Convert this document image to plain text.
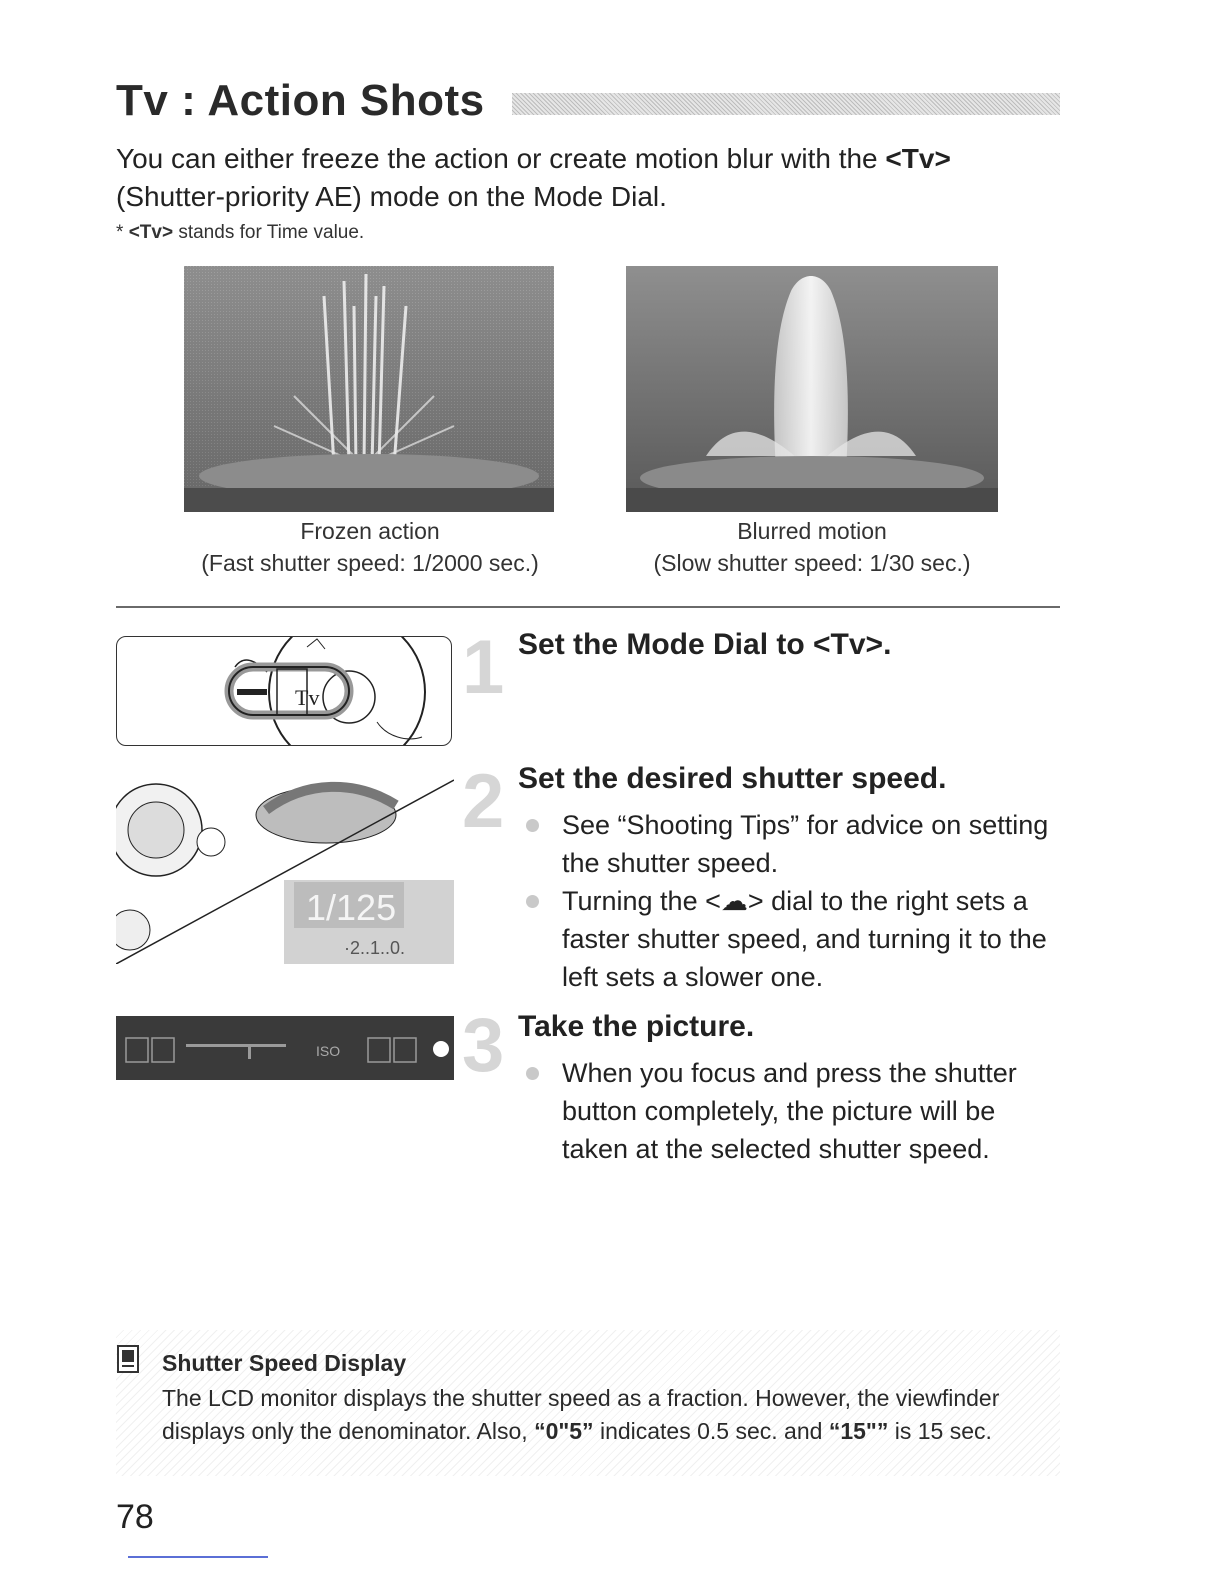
Tv : Action Shots
You can either freeze the action or create motion blur with the <Tv> (Shutter-priority AE) mode on the Mode Dial.
* <Tv> stands for Time value.
Frozen action
(Fast shutter speed: 1/2000 sec.)
Blurred motion
(Slow shutter speed: 1/30 sec.)
Tv 1 Set the Mode Dial to <Tv>.
1/125
·2..1..0.
2 Set the desired shutter speed.
See “Shooting Tips” for advice on setting the shutter speed.
Turning the <☁> dial to the right sets a faster shutter speed, and turning it to the left sets a slower one.
ISO 3 Take the picture.
When you focus and press the shutter button completely, the picture will be taken at the selected shutter speed.
Shutter Speed Display
The LCD monitor displays the shutter speed as a fraction. However, the viewfinder displays only the denominator. Also, “0"5” indicates 0.5 sec. and “15"” is 15 sec.
78
